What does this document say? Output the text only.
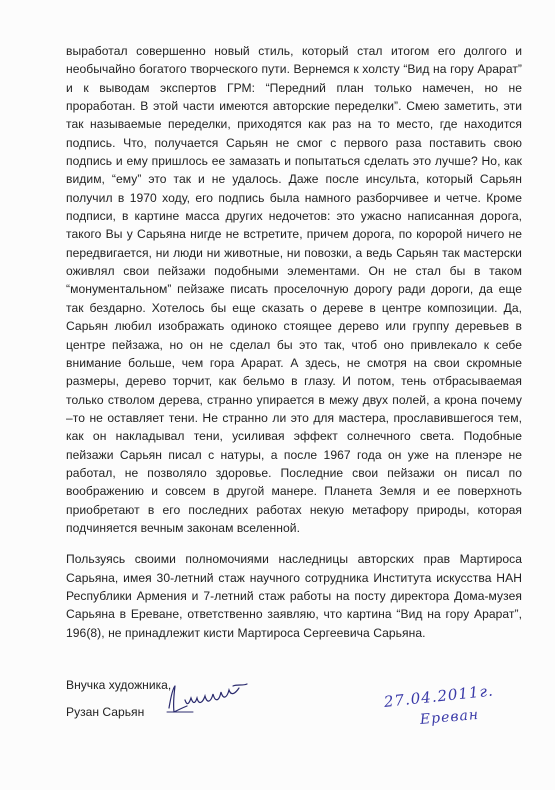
выработал совершенно новый стиль, который стал итогом его долгого и необычайно богатого творческого пути. Вернемся к холсту “Вид на гору Арарат” и к выводам экспертов ГРМ: “Передний план только намечен, но не проработан. В этой части имеются авторские переделки”. Смею заметить, эти так называемые переделки, приходятся как раз на то место, где находится подпись. Что, получается Сарьян не смог с первого раза поставить свою подпись и ему пришлось ее замазать и попытаться сделать это лучше? Но, как видим, “ему” это так и не удалось. Даже после инсульта, который Сарьян получил в 1970 ходу, его подпись была намного разборчивее и четче. Кроме подписи, в картине масса других недочетов: это ужасно написанная дорога, такого Вы у Сарьяна нигде не встретите, причем дорога, по коророй ничего не передвигается, ни люди ни животные, ни повозки, а ведь Сарьян так мастерски оживлял свои пейзажи подобными элементами. Он не стал бы в таком “монументальном” пейзаже писать проселочную дорогу ради дороги, да еще так бездарно. Хотелось бы еще сказать о дереве в центре композиции. Да, Сарьян любил изображать одиноко стоящее дерево или группу деревьев в центре пейзажа, но он не сделал бы это так, чтоб оно привлекало к себе внимание больше, чем гора Арарат. А здесь, не смотря на свои скромные размеры, дерево торчит, как бельмо в глазу. И потом, тень отбрасываемая только стволом дерева, странно упирается в межу двух полей, а крона почему –то не оставляет тени. Не странно ли это для мастера, прославившегося тем, как он накладывал тени, усиливая эффект солнечного света. Подобные пейзажи Сарьян писал с натуры, а после 1967 года он уже на пленэре не работал, не позволяло здоровье. Последние свои пейзажи он писал по воображению и совсем в другой манере. Планета Земля и ее поверхноть приобретают в его последних работах некую метафору природы, которая подчиняется вечным законам вселенной.

Пользуясь своими полномочиями наследницы авторских прав Мартироса Сарьяна, имея 30-летний стаж научного сотрудника Института искусства НАН Республики Армения и 7-летний стаж работы на посту директора Дома-музея Сарьяна в Ереване, ответственно заявляю, что картина “Вид на гору Арарат”, 196(8), не принадлежит кисти Мартироса Сергеевича Сарьяна.

Внучка художника,
Рузан Сарьян
27.04.2011г.
Ереван
